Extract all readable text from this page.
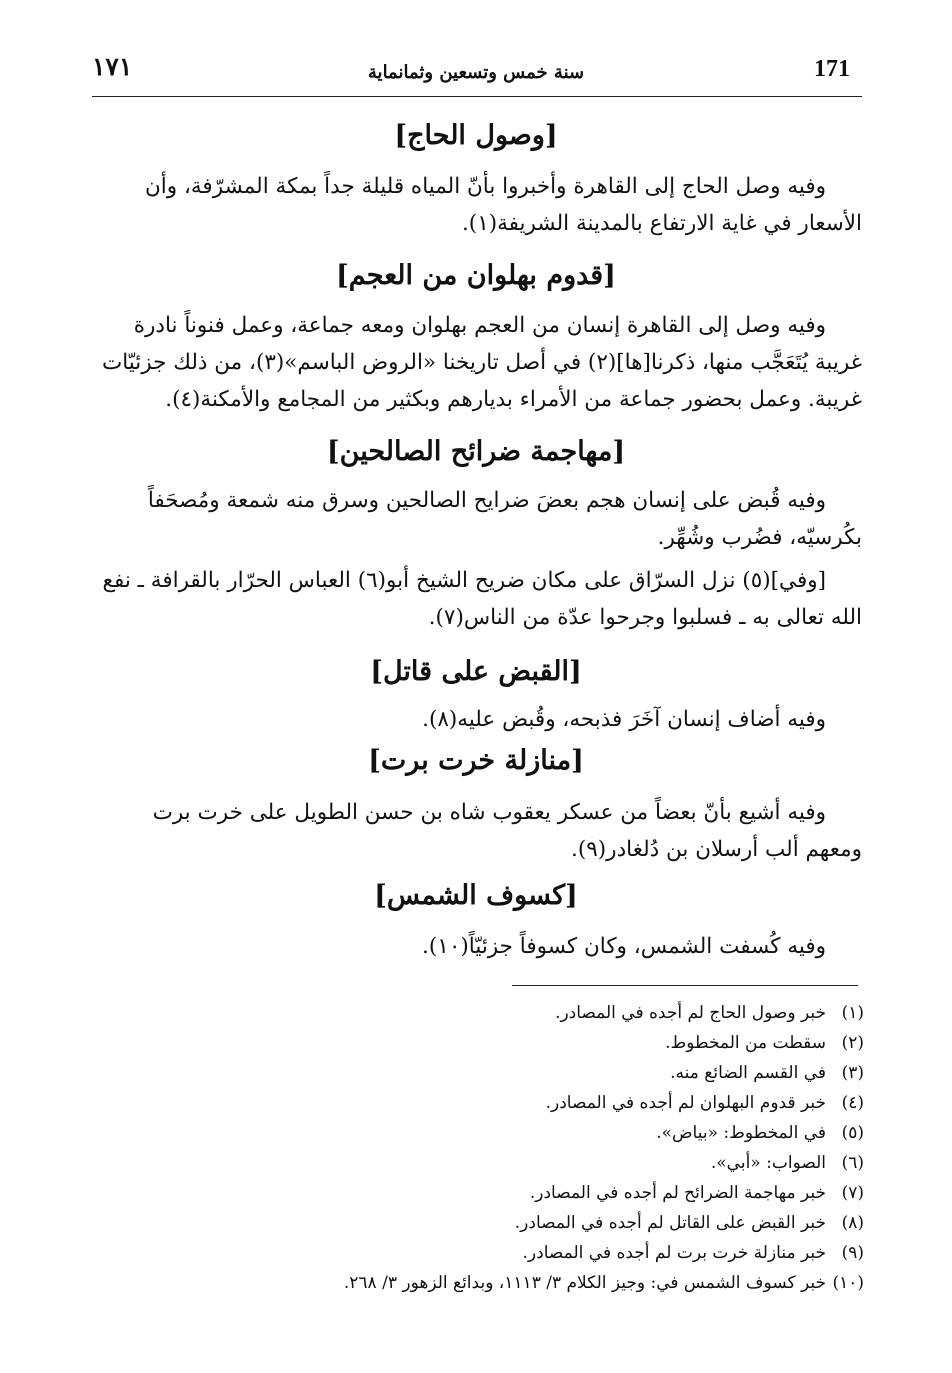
١٧١	سنة خمس وتسعين وثمانماية	171
[وصول الحاج]
وفيه وصل الحاج إلى القاهرة وأخبروا بأنّ المياه قليلة جداً بمكة المشرّفة، وأن
الأسعار في غاية الارتفاع بالمدينة الشريفة(١).
[قدوم بهلوان من العجم]
وفيه وصل إلى القاهرة إنسان من العجم بهلوان ومعه جماعة، وعمل فنوناً نادرة
غريبة يُتَعَجَّب منها، ذكرنا[ها](٢) في أصل تاريخنا «الروض الباسم»(٣)، من ذلك جزئيّات
غريبة. وعمل بحضور جماعة من الأمراء بديارهم وبكثير من المجامع والأمكنة(٤).
[مهاجمة ضرائح الصالحين]
وفيه قُبض على إنسان هجم بعضَ ضرايح الصالحين وسرق منه شمعة ومُصحَفاً
بكُرسيّه، فضُرب وشُهِّر.
[وفي](٥) نزل السرّاق على مكان ضريح الشيخ أبو(٦) العباس الحرّار بالقرافة ـ نفع
الله تعالى به ـ فسلبوا وجرحوا عدّة من الناس(٧).
[القبض على قاتل]
وفيه أضاف إنسان آخَرَ فذبحه، وقُبض عليه(٨).
[منازلة خرت برت]
وفيه أشيع بأنّ بعضاً من عسكر يعقوب شاه بن حسن الطويل على خرت برت
ومعهم ألب أرسلان بن دُلغادر(٩).
[كسوف الشمس]
وفيه كُسفت الشمس، وكان كسوفاً جزئيّاً(١٠).
(١)خبر وصول الحاج لم أجده في المصادر.
(٢)سقطت من المخطوط.
(٣)في القسم الضائع منه.
(٤)خبر قدوم البهلوان لم أجده في المصادر.
(٥)في المخطوط: «بياض».
(٦)الصواب: «أبي».
(٧)خبر مهاجمة الضرائح لم أجده في المصادر.
(٨)خبر القبض على القاتل لم أجده في المصادر.
(٩)خبر منازلة خرت برت لم أجده في المصادر.
(١٠)خبر كسوف الشمس في: وجيز الكلام ٣/ ١١١٣، وبدائع الزهور ٣/ ٢٦٨.
